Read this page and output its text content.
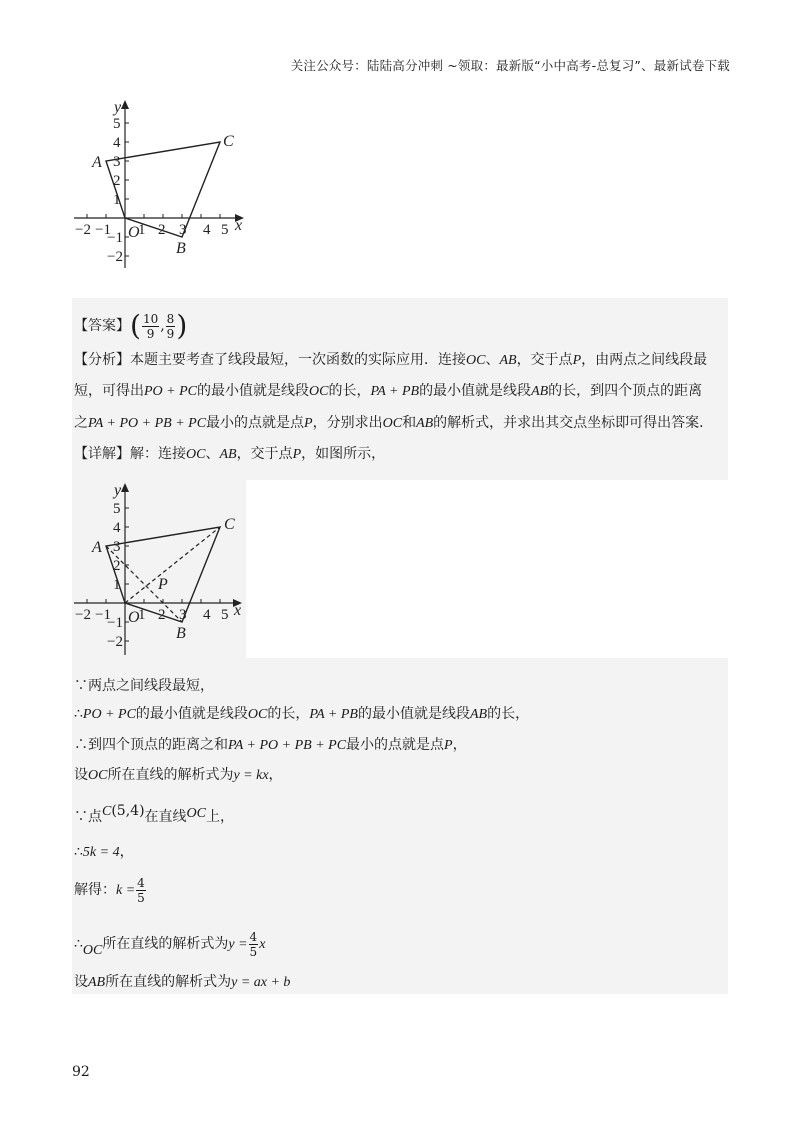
关注公众号：陆陆高分冲刺 ~领取：最新版“小中高考-总复习”、最新试卷下载
−2 −1 1 2 3 4 5
5
4
3
2
1
−1
−2
x
y
O
A
B
C
【答案】( $\frac{10}{9}$ , $\frac{8}{9}$ )
【分析】本题主要考查了线段最短，一次函数的实际应用．连接OC、AB，交于点P，由两点之间线段最
短，可得出PO + PC的最小值就是线段OC的长，PA + PB的最小值就是线段AB的长，到四个顶点的距离
之PA + PO + PB + PC最小的点就是点P，分别求出OC和AB的解析式，并求出其交点坐标即可得出答案．
【详解】解：连接OC、AB，交于点P，如图所示，
−2 −1 1 2 3 4 5
5
4
3
2
1
−1
−2
x
y
O
A
B
C
P
∵两点之间线段最短，
∴PO + PC的最小值就是线段OC的长，PA + PB的最小值就是线段AB的长，
∴到四个顶点的距离之和PA + PO + PB + PC最小的点就是点P，
设OC所在直线的解析式为y = kx，
∵点C(5,4)在直线OC上，
∴5k = 4，
解得：$k = \frac{4}{5}$
∴OC所在直线的解析式为$y = \frac{4}{5}$ x
设AB所在直线的解析式为y = ax + b
92
